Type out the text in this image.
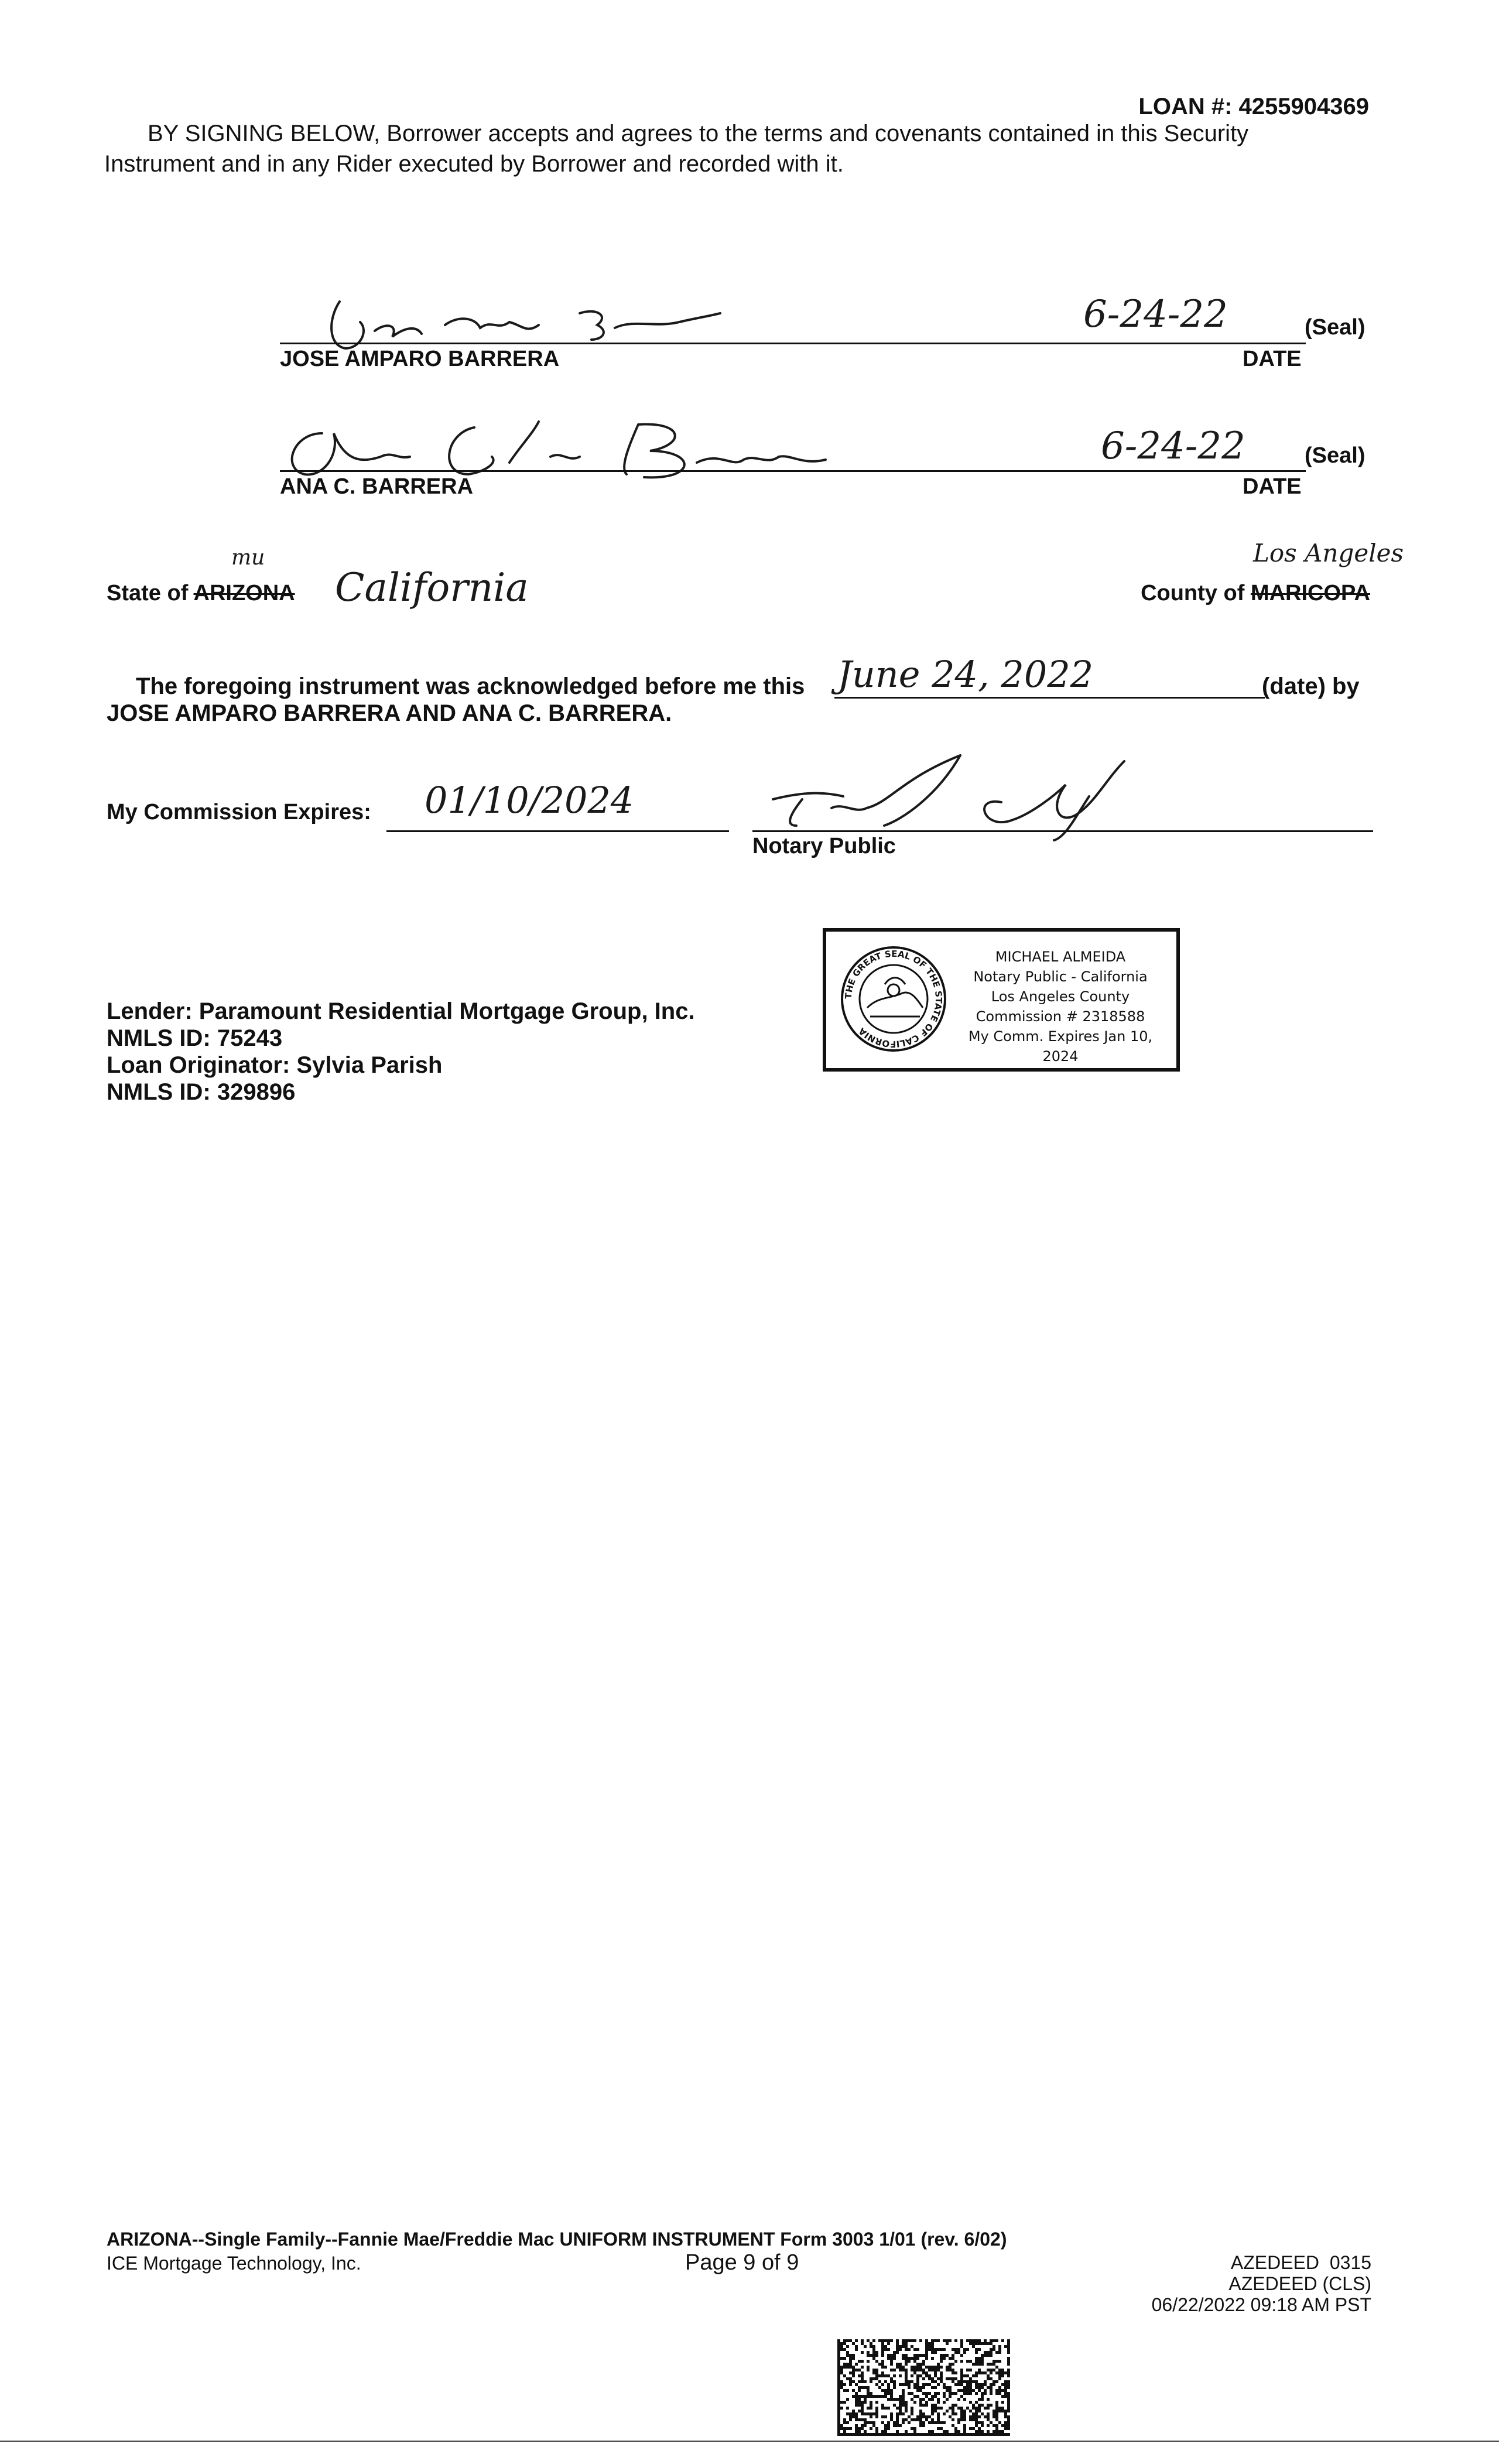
LOAN #: 4255904369
BY SIGNING BELOW, Borrower accepts and agrees to the terms and covenants contained in this Security
Instrument and in any Rider executed by Borrower and recorded with it.
6-24-22	(Seal)
JOSE AMPARO BARRERA	DATE
6-24-22	(Seal)
ANA C. BARRERA	DATE
mu
State of ARIZONA California
Los Angeles
County of MARICOPA
The foregoing instrument was acknowledged before me this June 24, 2022	(date) by
JOSE AMPARO BARRERA AND ANA C. BARRERA.
My Commission Expires: 01/10/2024
Notary Public
THE GREAT SEAL OF THE STATE OF CALIFORNIA
MICHAEL ALMEIDA
Notary Public - California
Los Angeles County
Commission # 2318588
My Comm. Expires Jan 10, 2024
Lender: Paramount Residential Mortgage Group, Inc.
NMLS ID: 75243
Loan Originator: Sylvia Parish
NMLS ID: 329896
ARIZONA--Single Family--Fannie Mae/Freddie Mac UNIFORM INSTRUMENT Form 3003 1/01 (rev. 6/02)
ICE Mortgage Technology, Inc.	Page 9 of 9	AZEDEED  0315
AZEDEED (CLS)
06/22/2022 09:18 AM PST
